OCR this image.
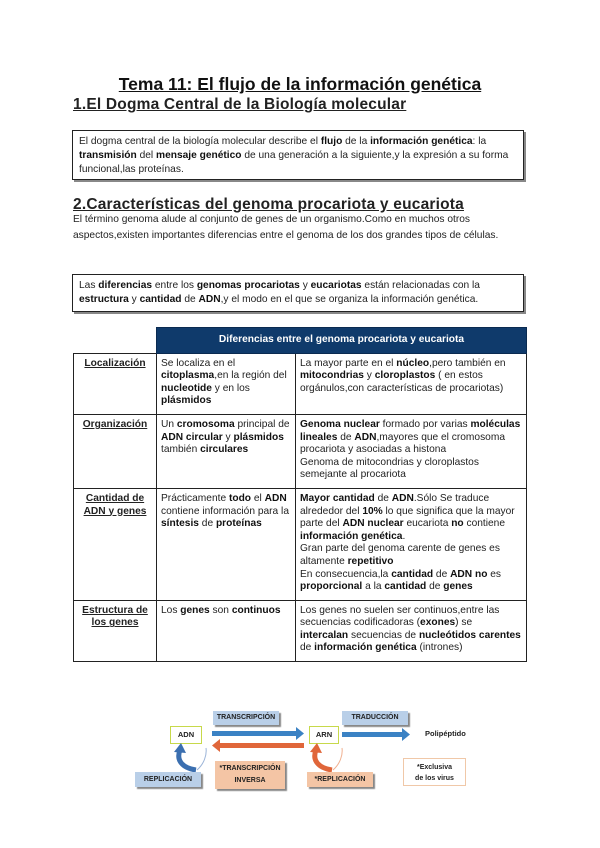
Tema 11: El flujo de la información genética
1.El Dogma Central de la Biología molecular
El dogma central de la biología molecular describe el flujo de la información genética: la transmisión del mensaje genético de una generación a la siguiente,y la expresión a su forma funcional,las proteínas.
2.Características del genoma procariota y eucariota
El término genoma alude al conjunto de genes de un organismo.Como en muchos otros aspectos,existen importantes diferencias entre el genoma de los dos grandes tipos de células.
Las diferencias entre los genomas procariotas y eucariotas están relacionadas con la estructura y cantidad de ADN,y el modo en el que se organiza la información genética.
	Diferencias entre el genoma procariota y eucariota	
Localización	Se localiza en el citoplasma,en la región del nucleotide y en los plásmidos	La mayor parte en el núcleo,pero también en mitocondrias y cloroplastos ( en estos orgánulos,con características de procariotas)
Organización	Un cromosoma principal de ADN circular y plásmidos también circulares	Genoma nuclear formado por varias moléculas lineales de ADN,mayores que el cromosoma procariota y asociadas a histona
Genoma de mitocondrias y cloroplastos semejante al procariota
Cantidad de ADN y genes	Prácticamente todo el ADN contiene información para la síntesis de proteínas	Mayor cantidad de ADN.Sólo Se traduce alrededor del 10% lo que significa que la mayor parte del ADN nuclear eucariota no contiene información genética.
Gran parte del genoma carente de genes es altamente repetitivo
En consecuencia,la cantidad de ADN no es proporcional a la cantidad de genes
Estructura de los genes	Los genes son continuos	Los genes no suelen ser continuos,entre las secuencias codificadoras (exones) se intercalan secuencias de nucleótidos carentes de información genética (intrones)
TRANSCRIPCIÓN	TRADUCCIÓN
ADN	ARN	Polipéptido
REPLICACIÓN
*TRANSCRIPCIÓN
INVERSA	*REPLICACIÓN
*Exclusiva
de los virus
